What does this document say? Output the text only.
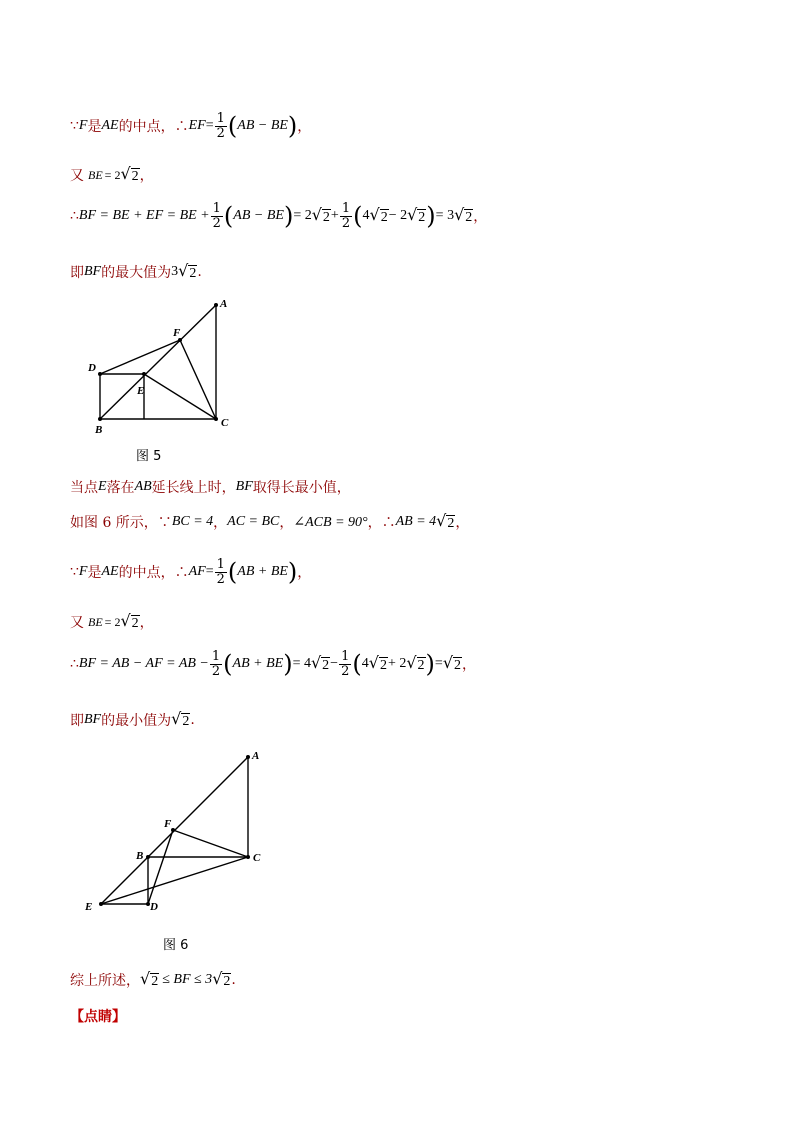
∵ F 是 AE 的中点，∴ EF = $\frac{1}{2}$ ( AB − BE ) ，
又 BE = 2 √ 2 ，
∴ BF = BE + EF = BE + $\frac{1}{2}$ ( AB − BE ) = 2 √ $2 + \frac{1}{2}$ ( 4 √ 2 − 2 √ 2 ) = 3 √ 2 ，
即 BF 的最大值为 3 √ 2 .
A
B
C
D
E
F
图 5
当点 E 落在 AB 延长线上时， BF 取得长最小值，
如图 6 所示，∵ BC = 4 ， AC = BC ， ∠ACB = 90° ，∴ AB = 4 √ 2 ，
∵ F 是 AE 的中点，∴ AF = $\frac{1}{2}$ ( AB + BE ) ，
又 BE = 2 √ 2 ，
∴ BF = AB − AF = AB − $\frac{1}{2}$ ( AB + BE ) = 4 √ $2 - \frac{1}{2}$ ( 4 √ 2 + 2 √ 2 ) = √ 2 ，
即 BF 的最小值为 √ 2 .
A
B	C
D
E
F
图 6
综上所述， √ 2 ≤ BF ≤ 3 √ 2 .
【点睛】
